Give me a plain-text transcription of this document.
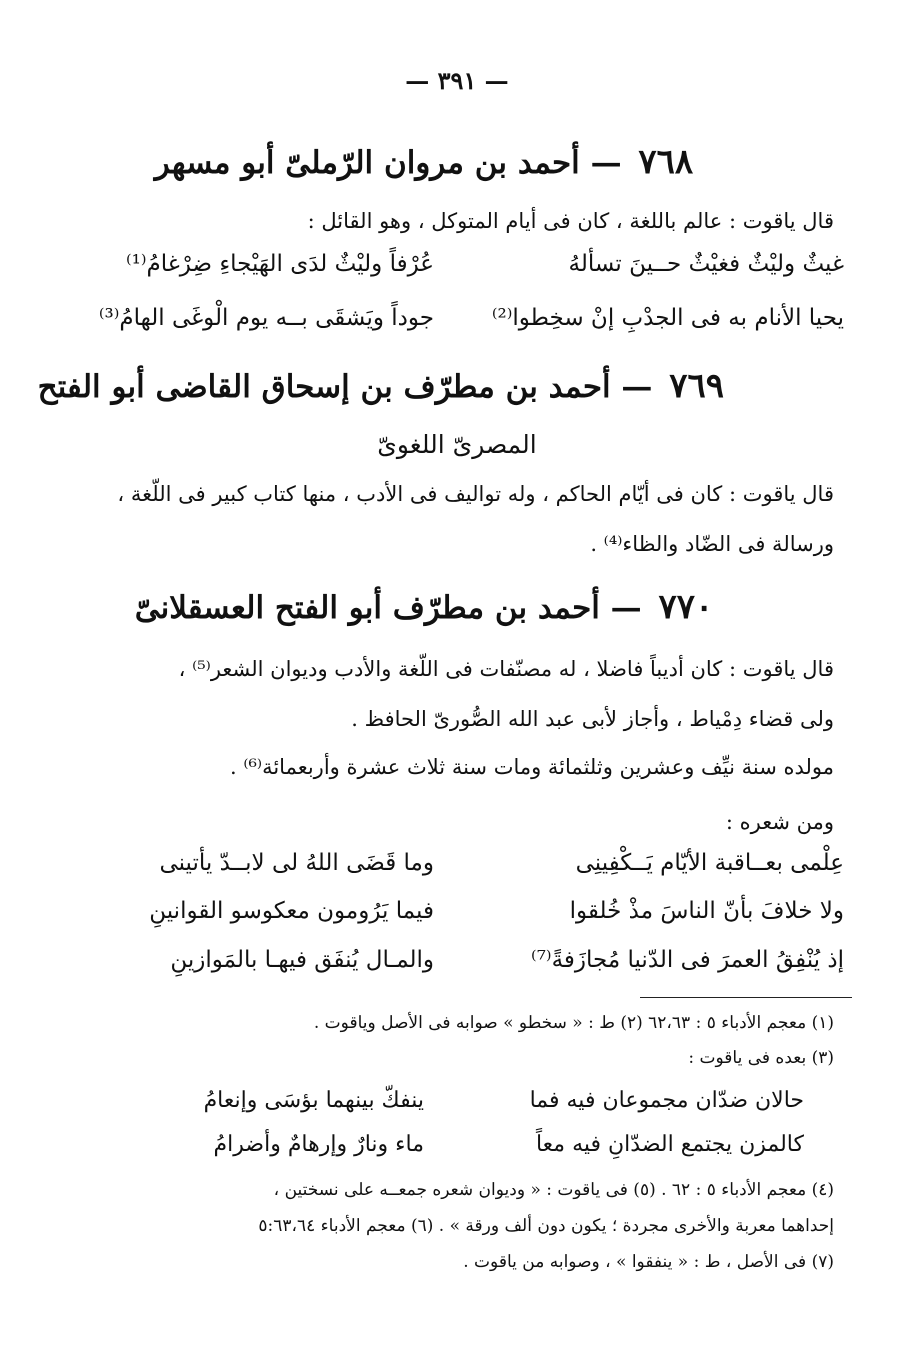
— ٣٩١ —
٧٦٨ — أحمد بن مروان الرّملىّ أبو مسهر
قال ياقوت : عالم باللغة ، كان فى أيام المتوكل ، وهو القائل :
غيثٌ وليْثٌ فغيْثٌ حــينَ تسألهُ
عُرْفاً وليْثٌ لدَى الهَيْجاءِ ضِرْغامُ⁽¹⁾
يحيا الأنام به فى الجدْبِ إنْ سخِطوا⁽²⁾
جوداً ويَشقَى بــه يوم الْوغَى الهامُ⁽³⁾
٧٦٩ — أحمد بن مطرّف بن إسحاق القاضى أبو الفتح
المصرىّ اللغوىّ
قال ياقوت : كان فى أيّام الحاكم ، وله تواليف فى الأدب ، منها كتاب كبير فى اللّغة ،
ورسالة فى الضّاد والظاء⁽⁴⁾ .
٧٧٠ — أحمد بن مطرّف أبو الفتح العسقلانىّ
قال ياقوت : كان أديباً فاضلا ، له مصنّفات فى اللّغة والأدب وديوان الشعر⁽⁵⁾ ،
ولى قضاء دِمْياط ، وأجاز لأبى عبد الله الصُّورىّ الحافظ .
مولده سنة نيِّف وعشرين وثلثمائة ومات سنة ثلاث عشرة وأربعمائة⁽⁶⁾ .
ومن شعره :
عِلْمى بعــاقبة الأيّام يَــكْفِينِى
وما قَضَى اللهُ لى لابــدّ يأتينى
ولا خلافَ بأنّ الناسَ مذْ خُلقوا
فيما يَرُومون معكوسو القوانينِ
إذ يُنْفِقُ العمرَ فى الدّنيا مُجازَفةً⁽⁷⁾
والمـال يُنفَق فيهـا بالمَوازينِ
(١) معجم الأدباء ٥ : ٦٢،٦٣ (٢) ط : « سخطو » صوابه فى الأصل وياقوت .
(٣) بعده فى ياقوت :
حالان ضدّان مجموعان فيه فما
ينفكّ بينهما بؤسَى وإنعامُ
كالمزن يجتمع الضدّانِ فيه معاً
ماء ونارٌ وإرهامٌ وأضرامُ
(٤) معجم الأدباء ٥ : ٦٢ . (٥) فى ياقوت : « وديوان شعره جمعــه على نسختين ،
إحداهما معربة والأخرى مجردة ؛ يكون دون ألف ورقة » . (٦) معجم الأدباء ٥:٦٣،٦٤
(٧) فى الأصل ، ط : « ينفقوا » ، وصوابه من ياقوت .
